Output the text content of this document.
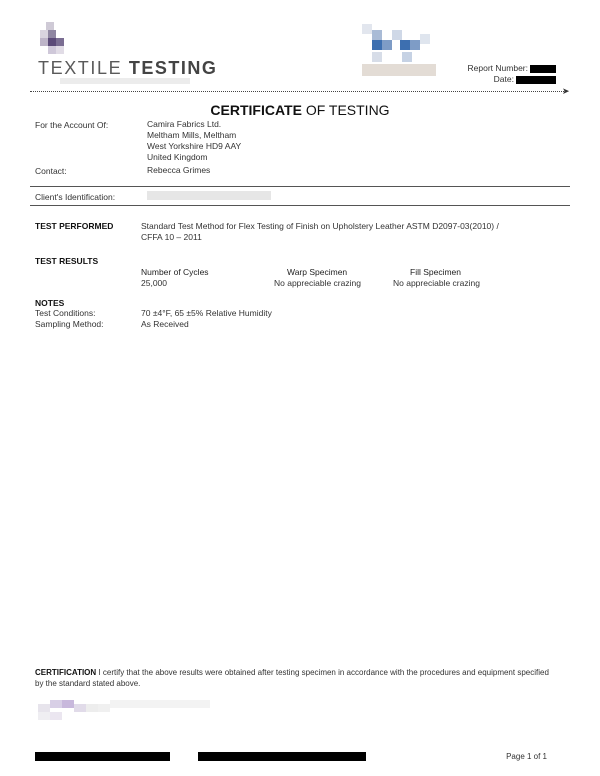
TEXTILE TESTING	Report Number:
Date:
➤
CERTIFICATE OF TESTING
For the Account Of:	Camira Fabrics Ltd.
Meltham Mills, Meltham
West Yorkshire HD9 AAY
United Kingdom
Contact:	Rebecca Grimes
Client's Identification:
TEST PERFORMED	Standard Test Method for Flex Testing of Finish on Upholstery Leather ASTM D2097-03(2010) /
CFFA 10 – 2011
TEST RESULTS
Number of Cycles	Warp Specimen	Fill Specimen
25,000	No appreciable crazing	No appreciable crazing
NOTES
Test Conditions:	70 ±4°F, 65 ±5% Relative Humidity
Sampling Method:	As Received
CERTIFICATION I certify that the above results were obtained after testing specimen in accordance with the procedures and equipment specified by the standard stated above.
Page 1 of 1
